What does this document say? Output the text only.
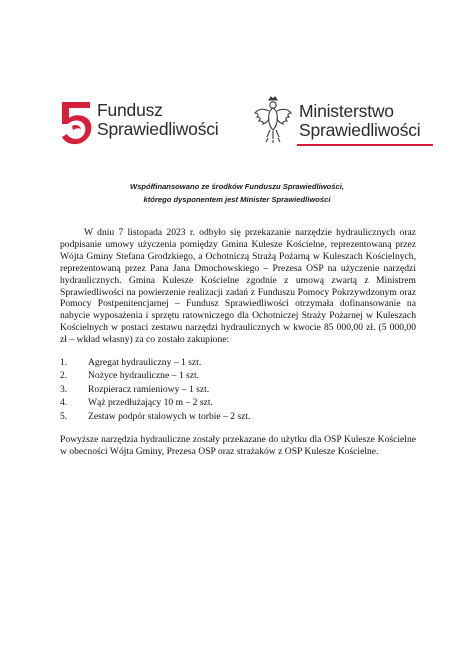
Fundusz
Sprawiedliwości
Ministerstwo
Sprawiedliwości
Współfinansowano ze środków Funduszu Sprawiedliwości,
którego dysponentem jest Minister Sprawiedliwości

W dniu 7 listopada 2023 r. odbyło się przekazanie narzędzie hydraulicznych oraz podpisanie umowy użyczenia pomiędzy Gmina Kulesze Kościelne, reprezentowaną przez Wójta Gminy Stefana Grodzkiego, a Ochotniczą Strażą Pożarną w Kuleszach Kościelnych, reprezentowaną przez Pana Jana Dmochowskiego – Prezesa OSP na użyczenie narzędzi hydraulicznych. Gmina Kulesze Kościelne zgodnie z umową zwartą z Ministrem Sprawiedliwości na powierzenie realizacji zadań z Funduszu Pomocy Pokrzywdzonym oraz Pomocy Postpenitencjarnej – Fundusz Sprawiedliwości otrzymała dofinansowanie na nabycie wyposażenia i sprzętu ratowniczego dla Ochotniczej Straży Pożarnej w Kuleszach Kościelnych w postaci zestawu narzędzi hydraulicznych w kwocie 85 000,00 zł. (5 000,00 zł – wkład własny) za co zostało zakupione:

1.	Agregat hydrauliczny – 1 szt.
2.	Nożyce hydrauliczne – 1 szt.
3.	Rozpieracz ramieniowy – 1 szt.
4.	Wąż przedłużający 10 m – 2 szt.
5.	Zestaw podpór stalowych w torbie – 2 szt.

Powyższe narzędzia hydrauliczne zostały przekazane do użytku dla OSP Kulesze Kościelne w obecności Wójta Gminy, Prezesa OSP oraz strażaków z OSP Kulesze Kościelne.
